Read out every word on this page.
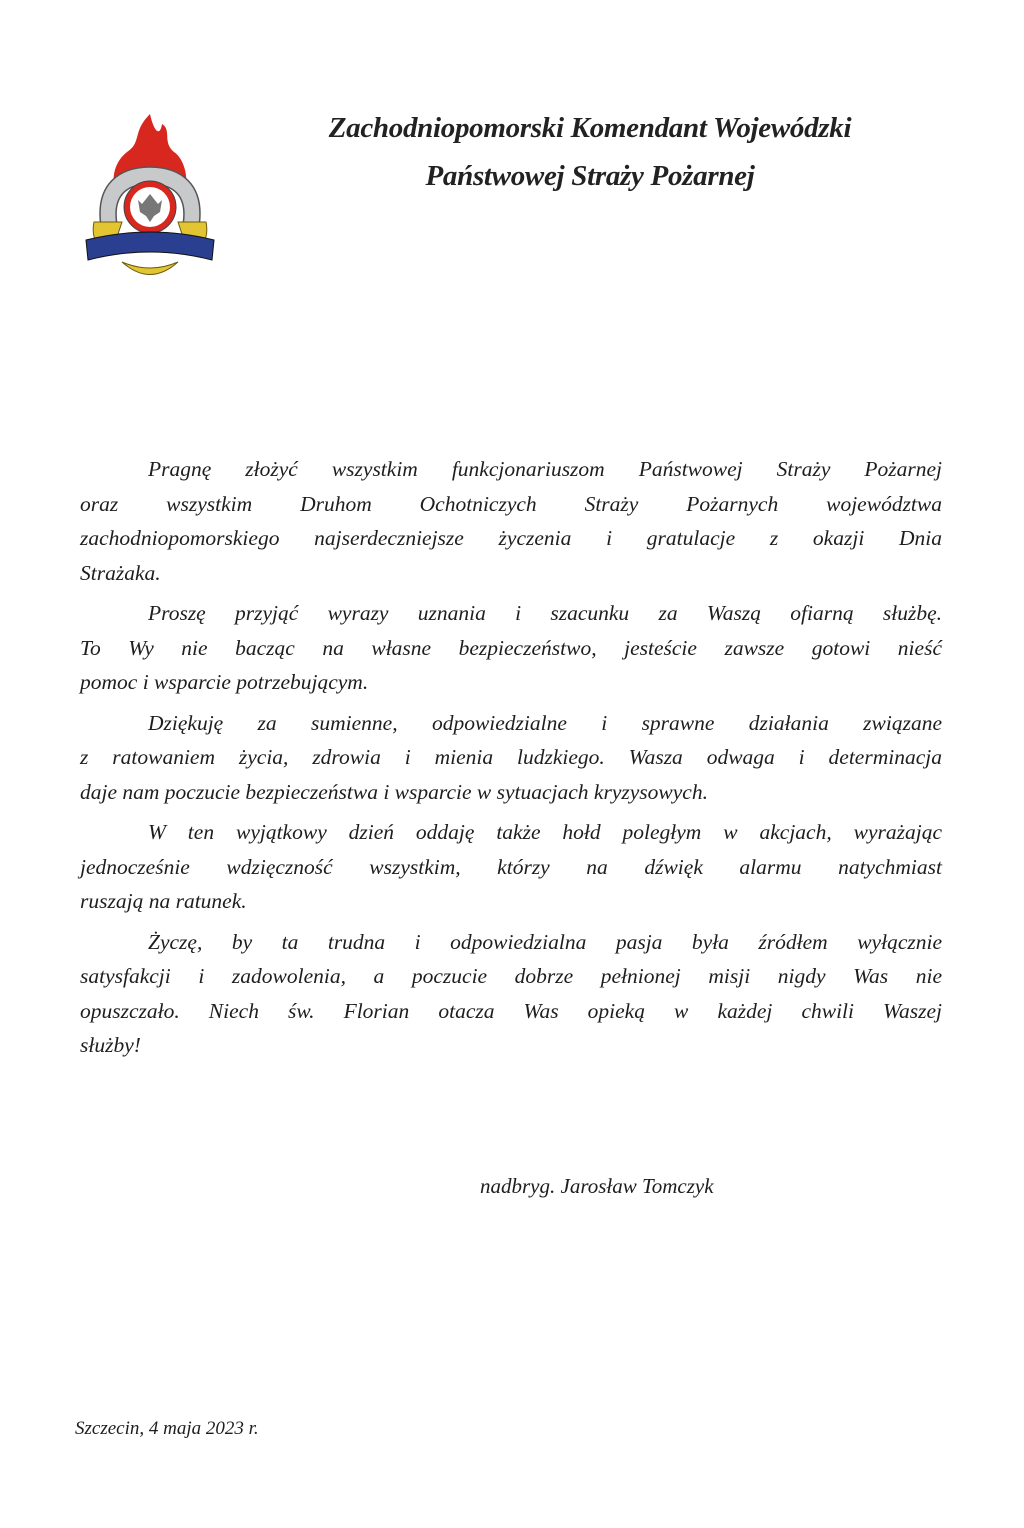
Zachodniopomorski Komendant Wojewódzki
Państwowej Straży Pożarnej
Pragnę złożyć wszystkim funkcjonariuszom Państwowej Straży Pożarnej
oraz wszystkim Druhom Ochotniczych Straży Pożarnych województwa
zachodniopomorskiego najserdeczniejsze życzenia i gratulacje z okazji Dnia
Strażaka.
Proszę przyjąć wyrazy uznania i szacunku za Waszą ofiarną służbę.
To Wy nie bacząc na własne bezpieczeństwo, jesteście zawsze gotowi nieść
pomoc i wsparcie potrzebującym.
Dziękuję za sumienne, odpowiedzialne i sprawne działania związane
z ratowaniem życia, zdrowia i mienia ludzkiego. Wasza odwaga i determinacja
daje nam poczucie bezpieczeństwa i wsparcie w sytuacjach kryzysowych.
W ten wyjątkowy dzień oddaję także hołd poległym w akcjach, wyrażając
jednocześnie wdzięczność wszystkim, którzy na dźwięk alarmu natychmiast
ruszają na ratunek.
Życzę, by ta trudna i odpowiedzialna pasja była źródłem wyłącznie
satysfakcji i zadowolenia, a poczucie dobrze pełnionej misji nigdy Was nie
opuszczało. Niech św. Florian otacza Was opieką w każdej chwili Waszej
służby!
nadbryg. Jarosław Tomczyk
Szczecin, 4 maja 2023 r.
